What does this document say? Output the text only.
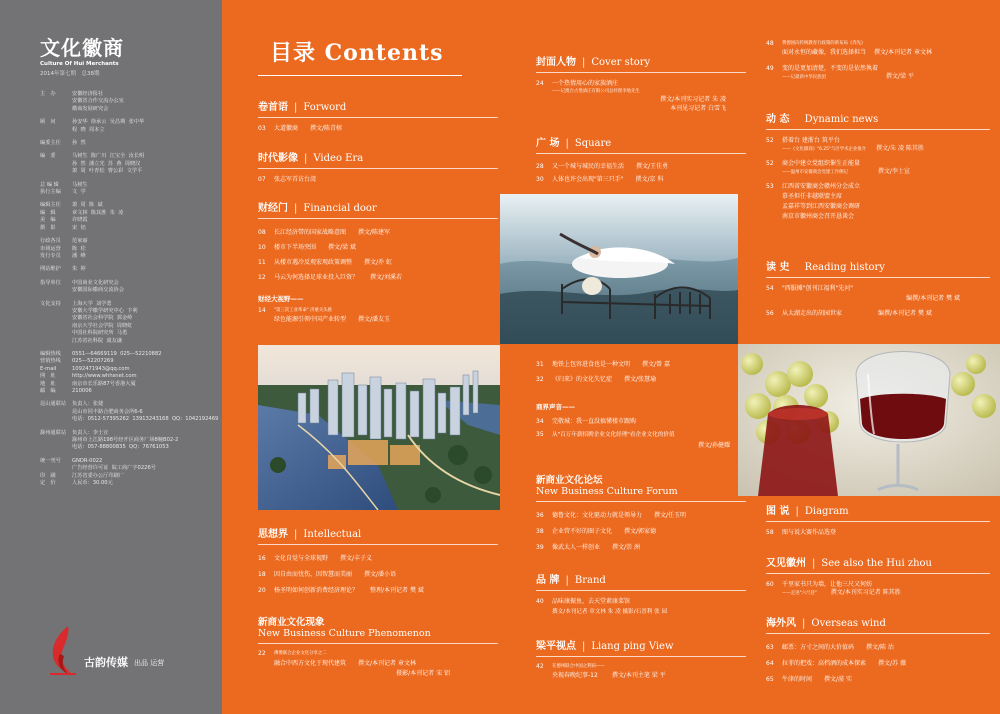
文化徽商
Culture Of Hui Merchants
2014年第七期　总38期
主　办	安徽经济报社
安徽省合作交流办公室
徽商发展研究会
顾　问	孙安华  徐承云  吴昌期  张中华
程  晓  周本立
编委主任	孙  然
编　委	马树生  陈广川  江宝全  汝长明
孙  然  潘立光  苏  燕  周晓汉
萧  周  叶青松  曹公彩  文学平
总 编 辑	马树生
执行主编	文  学
编辑主任	萧  周  陈  斌
编　辑	章文林  陈其胜  朱  凌
美　编	许晓霞
摄　影	宋  铝
行政各员	范家丽
市场运营	陈  松
发行专员	潘  峰
网站维护	朱  婷
指导单位	中国商业文化研究会
安徽国际徽商交流协会
文化支持	上海大学  刘学勇
安徽大学徽学研究中心  卞利
安徽省社会科学院  郭金岭
南京大学社会学院  周晓虹
中国社科院研究所  马勇
江苏省社科院  虞友谦
编辑热线	0551—64669119  025—52210882
营销热线	025—52207269
E-mail	1092471943@qq.com
网　址	http://www.whhsnet.com
地　址	南京市长乐路87号香港大厦
邮　编	210006
昆山通联站	负责人：张捷
昆山市同丰路合肥商务会所6-6
电话：0512-57395262  13913243168  QQ：1042192469
滁州通联站	负责人：李士宣
滁州市上江路198号经开区商务厂场8幢B02-2
电话：057-88800835  QQ：76761053
统一刊号	GNDR-0022
广告经营许可证  皖工商广字0226号
印　刷	江苏省委办公厅印刷厂
定　价	人民币：30.00元
古韵传媒 出品 运营
目录 Contents
卷首语 | Forword
03	大道徽商 撰文/陈青榕
时代影像 | Video Era
07	张志军首访台湾
财经门 | Financial door
08	长江经济带的国家战略意图 撰文/陈建军
10	楼市下半场突围 撰文/梁 斌
11	从楼市遇冷反观宏观政策调整 撰文/乔 虹
12	马云为何选择足球业投入巨资？ 撰文/刘溪若
财经大视野——
14	"第三次工业革命" 济重关头推
绿色能源引领中国产业转型 撰文/潘友玉
思想界 | Intellectual
16	文化自觉与全球视野 撰文/丰子义
18	因自由而忧伤，因智慧而美丽 撰文/潘小语
20	杨圣明如何创新消费经济理论？ 整理/本刊记者 樊 斌
新商业文化现象
New Business Culture Phenomenon
22	佛像联合企业文化分享之二
融合中西方文化于现代建筑 撰文/本刊记者 章文林
摄影/本刊记者 宋 铝
封面人物 | Cover story
24	一个热情用心的家族酒庄
——记澳台古堡酒庄有限公司总经理李地先生
撰文/本刊实习记者 朱 凌
本刊见习记者 白雪飞
广 场 | Square
28	又一个城与城民的幸福生活 撰文/王佳勇
30	人体也许会出现"第三只手" 撰文/京 科
31	地铁上包容进食也是一种文明 撰文/曾 嘉
32	《归来》的文化失忆症 撰文/张慧瑜
商界声音——
34	完敬城：我一直没搞懂楼市跟购
35	从"百万年薪招聘企业文化经理"看企业文化的价值
撰文/孙健耀
新商业文化论坛
New Business Culture Forum
36	德鲁文化：文化驱动力就是领导力 撰文/任玉明
38	企业管不好的圈子文化 撰文/郭家德
39	像武太人一样创业 撰文/崇 洲
品 牌 | Brand
40	品味康振鱼，去天堂素康菜馆
撰文/本刊记者 章文林 朱 凌 摄影/石晋利 张 园
梁平视点 | Liang ping View
42	在德州联合中国之利码——
央视春晚纪事-12 撰文/本刊主笔 梁 平
48	费德国向传统教育行政策的新布局《奔先》
面对永恒的藏像，我们选择担当 撰文/本刊记者 章文林
49	变的是更加清楚，不变的是依然執着
——记最新中华民族团	撰文/梁 平
动 态 Dynamic news
52	搭着台 建浙台 筑平台
——《文化徽商》"6.25"与区学术企业推介 撰文/朱 凌 陈其胜
52	商会中建立党组织催生正能量
——温州市安徽商会党建工作侧记	撰文/李士宣
53	江西省安徽商会赣州分会成立
慕圣担任非越联盟主席
孟嘉祥等到江西安徽商会调研
南京市徽州商会召开恳谈会
读 史 Reading history
54	"西服摊"创刊江福利"先河"
编撰/本刊记者 樊 斌
56	从太湖走出的胡园世家	编撰/本刊记者 樊 斌
图 说 | Diagram
58	图与说大赛作品选登
又见徽州 | See also the Hui zhou
60	千里家书只为墙，让他三尺又何妨
——走进"六尺巷" 撰文/本刊实习记者 陈其胜
海外风 | Overseas wind
63	邮票：方寸之间的大价值码 撰文/陈 沽
64	拉菲的把戏：高档酒的成本探索 撰文/苏 薇
65	牛津的时间 撰文/漠 实
